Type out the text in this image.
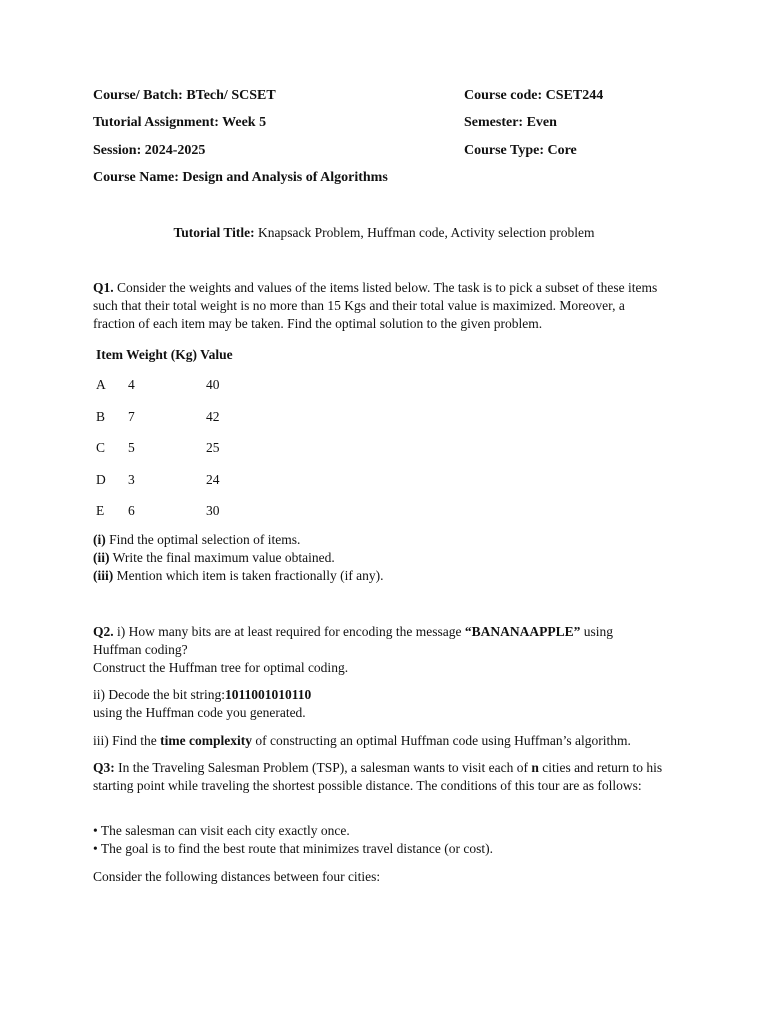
Course/ Batch: BTech/ SCSET	Course code: CSET244
Tutorial Assignment: Week 5	Semester: Even
Session: 2024-2025	Course Type: Core
Course Name: Design and Analysis of Algorithms
Tutorial Title: Knapsack Problem, Huffman code, Activity selection problem

Q1. Consider the weights and values of the items listed below. The task is to pick a subset of these items such that their total weight is no more than 15 Kgs and their total value is maximized. Moreover, a fraction of each item may be taken. Find the optimal solution to the given problem.

Item Weight (Kg) Value
A 4	40
B 7	42
C 5	25
D 3	24
E 6	30

(i) Find the optimal selection of items.

(ii) Write the final maximum value obtained.

(iii) Mention which item is taken fractionally (if any).

Q2. i) How many bits are at least required for encoding the message “BANANAAPPLE” using Huffman coding?

Construct the Huffman tree for optimal coding.

ii) Decode the bit string:1011001010110

using the Huffman code you generated.

iii) Find the time complexity of constructing an optimal Huffman code using Huffman’s algorithm.

Q3: In the Traveling Salesman Problem (TSP), a salesman wants to visit each of n cities and return to his starting point while traveling the shortest possible distance. The conditions of this tour are as follows:

• The salesman can visit each city exactly once.

• The goal is to find the best route that minimizes travel distance (or cost).

Consider the following distances between four cities:
